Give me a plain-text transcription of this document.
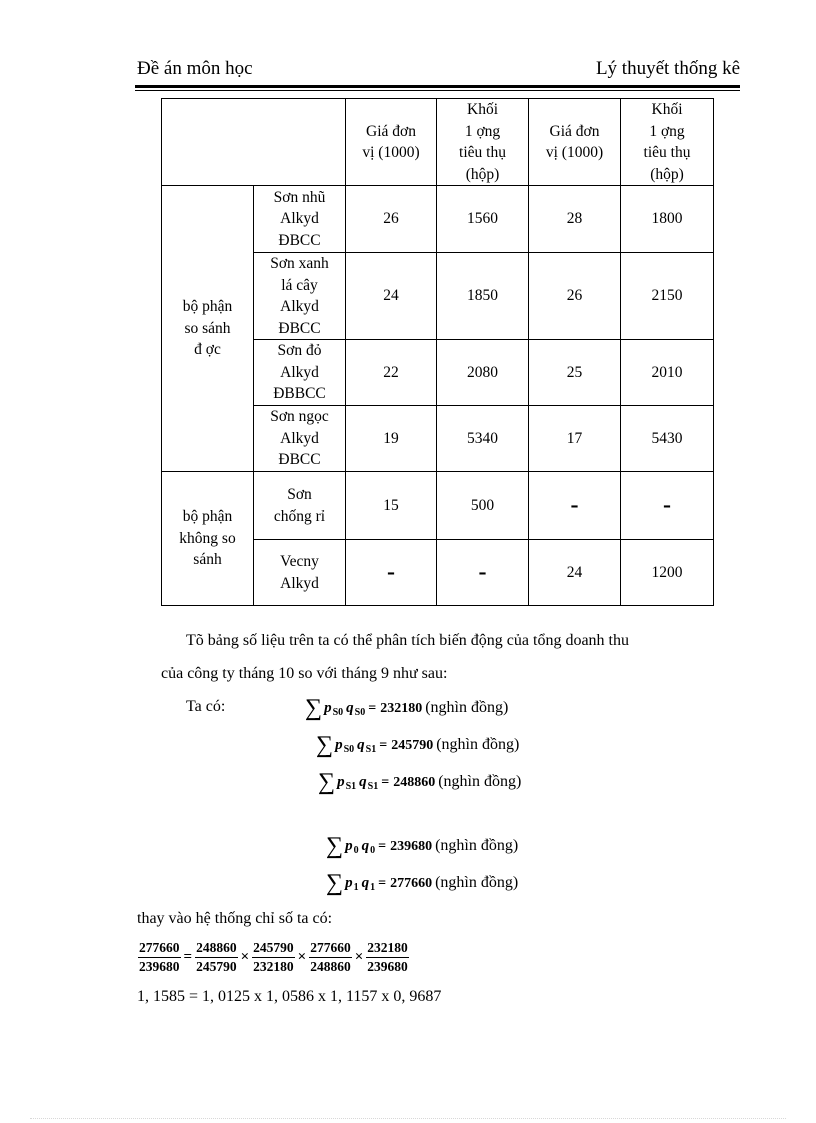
Đề án môn học	Lý thuyết thống kê
		Giá đơn
vị (1000)	Khối
1 ợng
tiêu thụ
(hộp)	Giá đơn
vị (1000)	Khối
1 ợng
tiêu thụ
(hộp)
bộ phận
so sánh
đ ợc	Sơn nhũ
Alkyd
ĐBCC	26	1560	28	1800
	Sơn xanh
lá cây
Alkyd
ĐBCC	24	1850	26	2150
	Sơn đỏ
Alkyd
ĐBBCC	22	2080	25	2010
	Sơn ngọc
Alkyd
ĐBCC	19	5340	17	5430
bộ phận
không so
sánh	Sơn
chống rỉ	15	500	-	-
	Vecny
Alkyd	-	-	24	1200
Tõ bảng số liệu trên ta có thể phân tích biến động của tổng doanh thu
của công ty tháng 10 so với tháng 9 như sau:
Ta có:	∑ $p_{S0}$ $q_{S0} = 232180$ (nghìn đồng)
∑ $p_{S0}$ $q_{S1} = 245790$ (nghìn đồng)
∑ $p_{S1}$ $q_{S1} = 248860$ (nghìn đồng)
∑ $p_0$ $q_0 = 239680$ (nghìn đồng)
∑ $p_1$ $q_1 = 277660$ (nghìn đồng)
thay vào hệ thống chỉ số ta có:
$\frac{277660}{239680} = \frac{248860}{245790} \times \frac{245790}{232180} \times \frac{277660}{248860} \times \frac{232180}{239680}$
1, 1585 = 1, 0125 x 1, 0586 x 1, 1157 x 0, 9687
